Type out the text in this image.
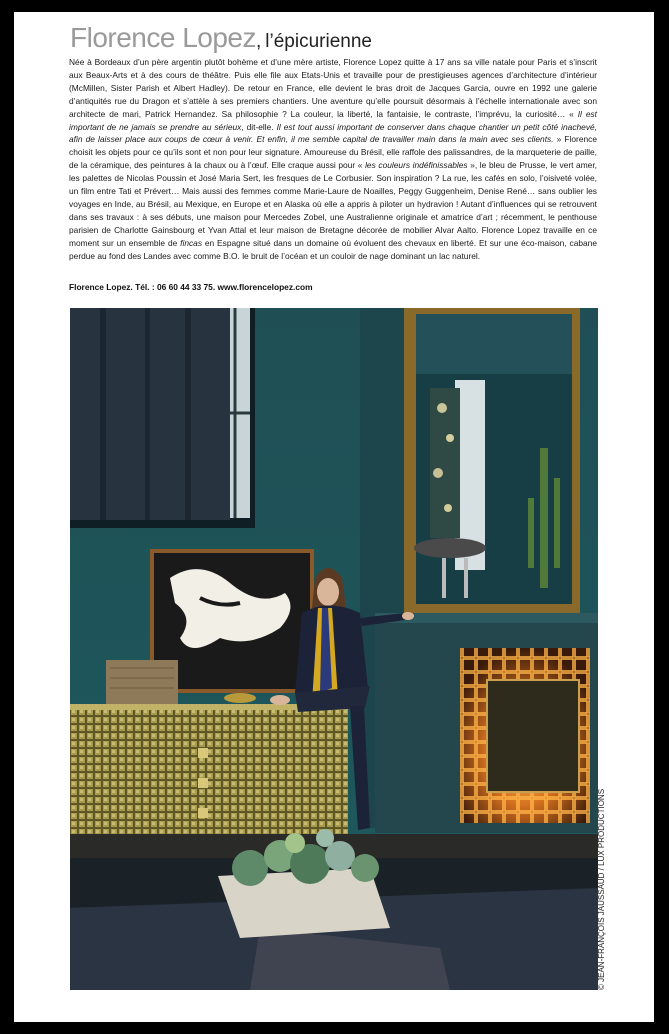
Florence Lopez, l’épicurienne

Née à Bordeaux d’un père argentin plutôt bohème et d’une mère artiste, Florence Lopez quitte à 17 ans sa ville natale pour Paris et s’inscrit aux Beaux-Arts et à des cours de théâtre. Puis elle file aux Etats-Unis et travaille pour de prestigieuses agences d’architecture d’intérieur (McMillen, Sister Parish et Albert Hadley). De retour en France, elle devient le bras droit de Jacques Garcia, ouvre en 1992 une galerie d’antiquités rue du Dragon et s’attèle à ses premiers chantiers. Une aventure qu’elle poursuit désormais à l’échelle internationale avec son architecte de mari, Patrick Hernandez. Sa philosophie ? La couleur, la liberté, la fantaisie, le contraste, l’imprévu, la curiosité… « Il est important de ne jamais se prendre au sérieux, dit-elle. Il est tout aussi important de conserver dans chaque chantier un petit côté inachevé, afin de laisser place aux coups de cœur à venir. Et enfin, il me semble capital de travailler main dans la main avec ses clients. » Florence choisit les objets pour ce qu’ils sont et non pour leur signature. Amoureuse du Brésil, elle raffole des palissandres, de la marqueterie de paille, de la céramique, des peintures à la chaux ou à l’œuf. Elle craque aussi pour « les couleurs indéfinissables », le bleu de Prusse, le vert amer, les palettes de Nicolas Poussin et José Maria Sert, les fresques de Le Corbusier. Son inspiration ? La rue, les cafés en solo, l’oisiveté volée, un film entre Tati et Prévert… Mais aussi des femmes comme Marie-Laure de Noailles, Peggy Guggenheim, Denise René… sans oublier les voyages en Inde, au Brésil, au Mexique, en Europe et en Alaska où elle a appris à piloter un hydravion ! Autant d’influences qui se retrouvent dans ses travaux : à ses débuts, une maison pour Mercedes Zobel, une Australienne originale et amatrice d’art ; récemment, le penthouse parisien de Charlotte Gainsbourg et Yvan Attal et leur maison de Bretagne décorée de mobilier Alvar Aalto. Florence Lopez travaille en ce moment sur un ensemble de fincas en Espagne situé dans un domaine où évoluent des chevaux en liberté. Et sur une éco-maison, cabane perdue au fond des Landes avec comme B.O. le bruit de l’océan et un couloir de nage dominant un lac naturel.

Florence Lopez. Tél. : 06 60 44 33 75. www.florencelopez.com
© JEAN-FRANÇOIS JAUSSAUD / LUX PRODUCTIONS
